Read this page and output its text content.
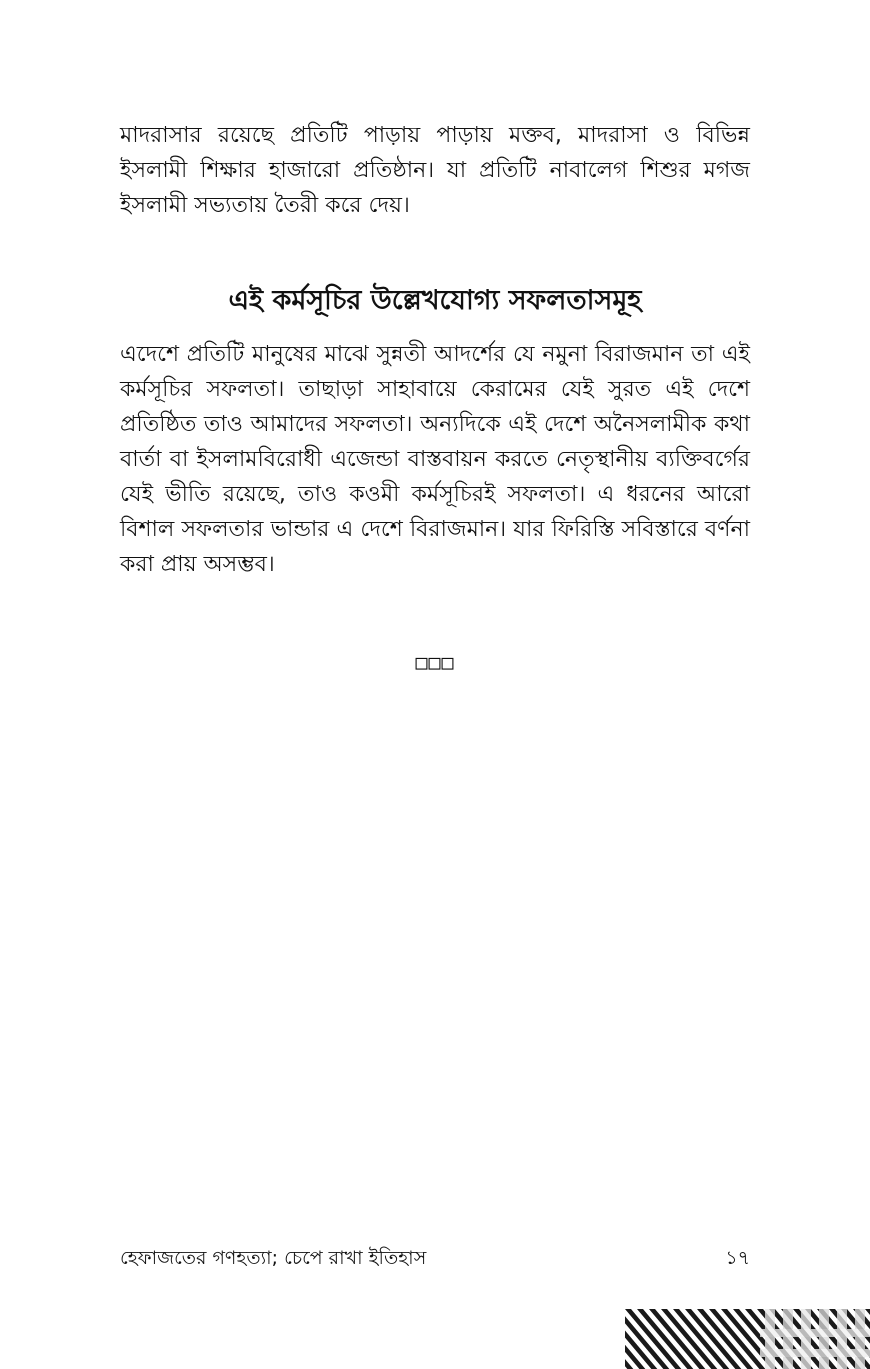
মাদরাসার রয়েছে প্রতিটি পাড়ায় পাড়ায় মক্তব, মাদরাসা ও বিভিন্ন ইসলামী শিক্ষার হাজারো প্রতিষ্ঠান। যা প্রতিটি নাবালেগ শিশুর মগজ ইসলামী সভ্যতায় তৈরী করে দেয়।

এই কর্মসূচির উল্লেখযোগ্য সফলতাসমূহ

এদেশে প্রতিটি মানুষের মাঝে সুন্নতী আদর্শের যে নমুনা বিরাজমান তা এই কর্মসূচির সফলতা। তাছাড়া সাহাবায়ে কেরামের যেই সুরত এই দেশে প্রতিষ্ঠিত তাও আমাদের সফলতা। অন্যদিকে এই দেশে অনৈসলামীক কথা বার্তা বা ইসলামবিরোধী এজেন্ডা বাস্তবায়ন করতে নেতৃস্থানীয় ব্যক্তিবর্গের যেই ভীতি রয়েছে, তাও কওমী কর্মসূচিরই সফলতা। এ ধরনের আরো বিশাল সফলতার ভান্ডার এ দেশে বিরাজমান। যার ফিরিস্তি সবিস্তারে বর্ণনা করা প্রায় অসম্ভব।

□□□
হেফাজতের গণহত্যা; চেপে রাখা ইতিহাস	১৭
